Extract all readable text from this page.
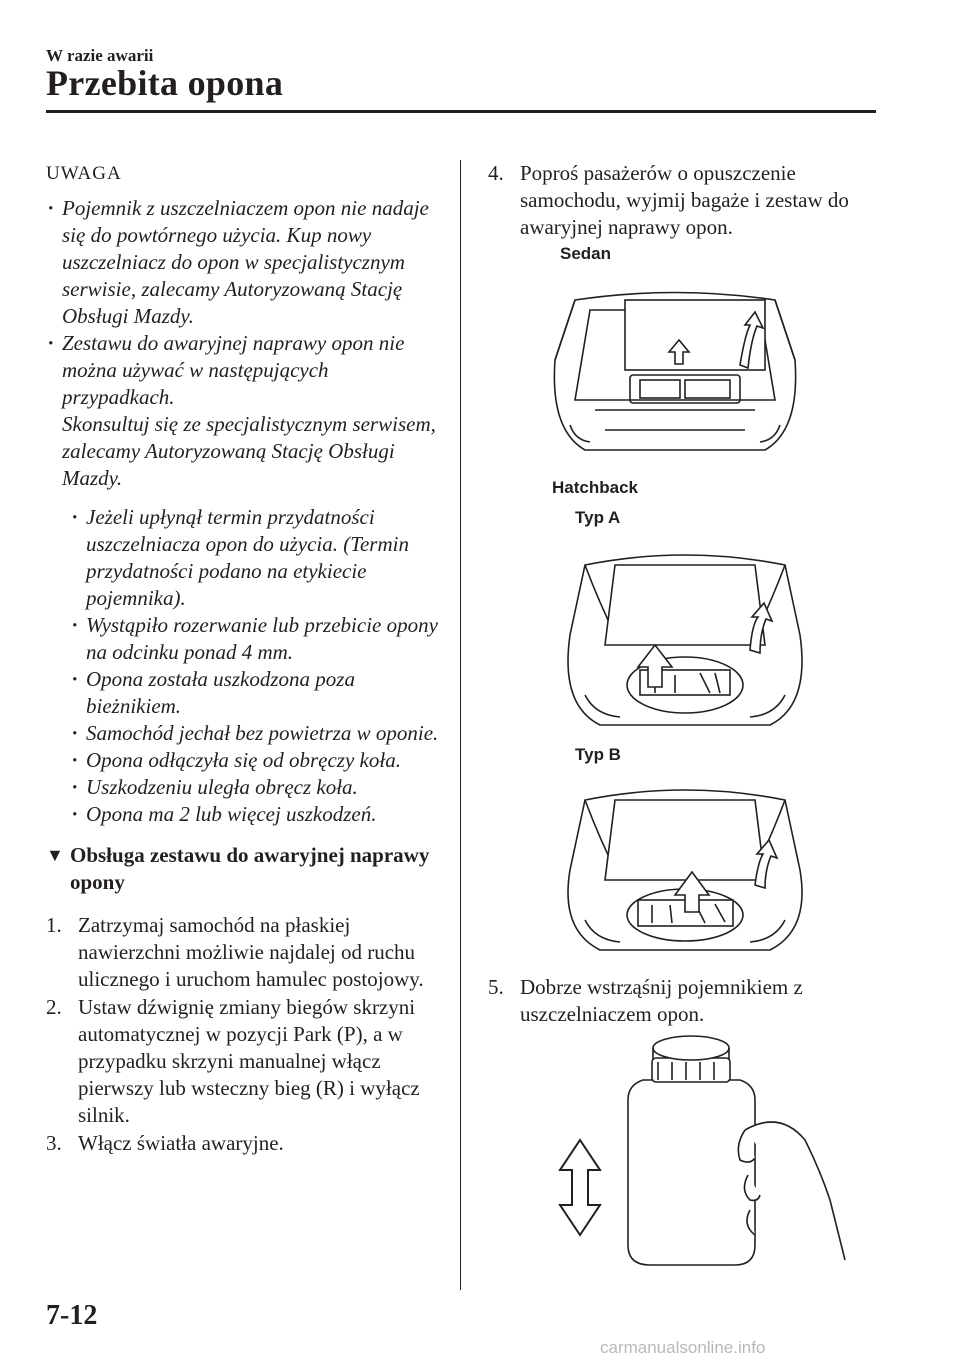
W razie awarii
Przebita opona
UWAGA
· Pojemnik z uszczelniaczem opon nie nadaje się do powtórnego użycia. Kup nowy uszczelniacz do opon w specjalistycznym serwisie, zalecamy Autoryzowaną Stację Obsługi Mazdy.
· Zestawu do awaryjnej naprawy opon nie można używać w następujących przypadkach.
Skonsultuj się ze specjalistycznym serwisem, zalecamy Autoryzowaną Stację Obsługi Mazdy.
· Jeżeli upłynął termin przydatności uszczelniacza opon do użycia. (Termin przydatności podano na etykiecie pojemnika).
· Wystąpiło rozerwanie lub przebicie opony na odcinku ponad 4 mm.
· Opona została uszkodzona poza bieżnikiem.
· Samochód jechał bez powietrza w oponie.
· Opona odłączyła się od obręczy koła.
· Uszkodzeniu uległa obręcz koła.
· Opona ma 2 lub więcej uszkodzeń.
▼ Obsługa zestawu do awaryjnej naprawy opony
1. Zatrzymaj samochód na płaskiej nawierzchni możliwie najdalej od ruchu ulicznego i uruchom hamulec postojowy.
2. Ustaw dźwignię zmiany biegów skrzyni automatycznej w pozycji Park (P), a w przypadku skrzyni manualnej włącz pierwszy lub wsteczny bieg (R) i wyłącz silnik.
3. Włącz światła awaryjne.
4. Poproś pasażerów o opuszczenie samochodu, wyjmij bagaże i zestaw do awaryjnej naprawy opon.
Sedan
Hatchback
Typ A
Typ B
5. Dobrze wstrząśnij pojemnikiem z uszczelniaczem opon.
7-12
carmanualsonline.info
